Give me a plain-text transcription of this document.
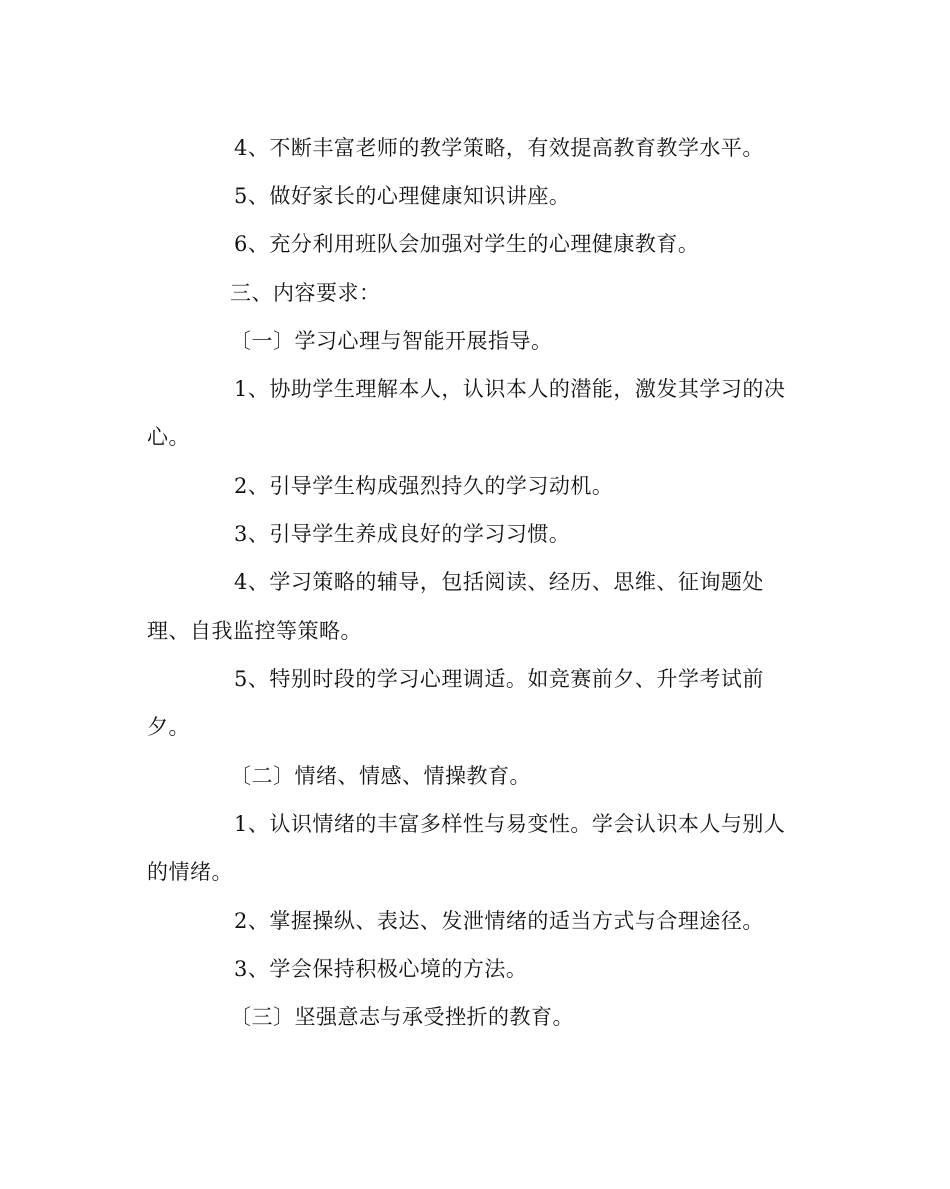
4、不断丰富老师的教学策略，有效提高教育教学水平。
5、做好家长的心理健康知识讲座。
6、充分利用班队会加强对学生的心理健康教育。
三、内容要求：
〔一〕学习心理与智能开展指导。
1、协助学生理解本人，认识本人的潜能，激发其学习的决
心。
2、引导学生构成强烈持久的学习动机。
3、引导学生养成良好的学习习惯。
4、学习策略的辅导，包括阅读、经历、思维、征询题处
理、自我监控等策略。
5、特别时段的学习心理调适。如竞赛前夕、升学考试前
夕。
〔二〕情绪、情感、情操教育。
1、认识情绪的丰富多样性与易变性。学会认识本人与别人
的情绪。
2、掌握操纵、表达、发泄情绪的适当方式与合理途径。
3、学会保持积极心境的方法。
〔三〕坚强意志与承受挫折的教育。
